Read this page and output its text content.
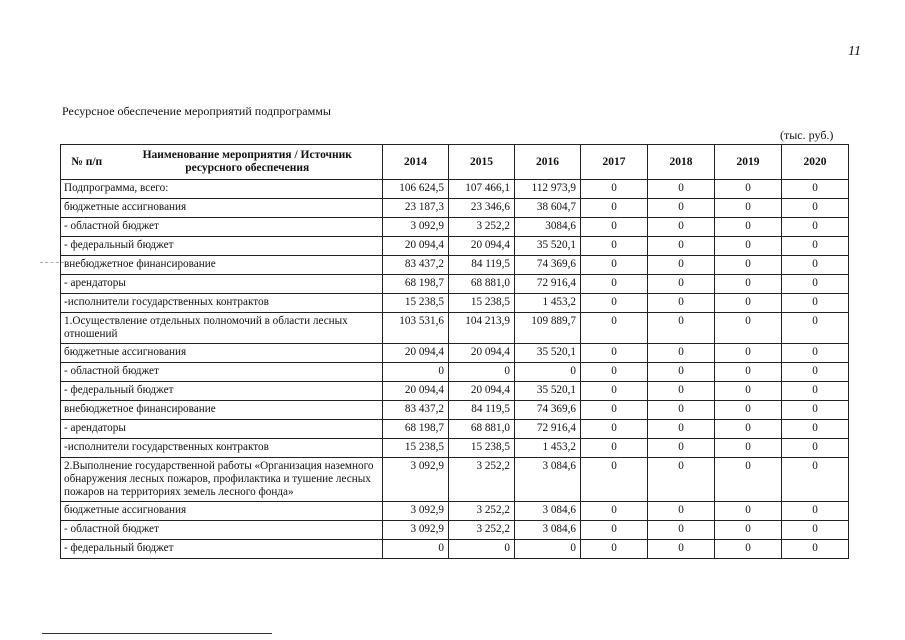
11
Ресурсное обеспечение мероприятий подпрограммы
(тыс. руб.)
№ п/п	Наименование мероприятия / Источник ресурсного обеспечения	2014	2015	2016	2017	2018	2019	2020
Подпрограмма, всего:		106 624,5	107 466,1	112 973,9	0	0	0	0
бюджетные ассигнования		23 187,3	23 346,6	38 604,7	0	0	0	0
- областной бюджет		3 092,9	3 252,2	3084,6	0	0	0	0
- федеральный бюджет		20 094,4	20 094,4	35 520,1	0	0	0	0
внебюджетное финансирование		83 437,2	84 119,5	74 369,6	0	0	0	0
- арендаторы		68 198,7	68 881,0	72 916,4	0	0	0	0
-исполнители государственных контрактов		15 238,5	15 238,5	1 453,2	0	0	0	0
1.Осуществление отдельных полномочий в области лесных отношений		103 531,6	104 213,9	109 889,7	0	0	0	0
бюджетные ассигнования		20 094,4	20 094,4	35 520,1	0	0	0	0
- областной бюджет		0	0	0	0	0	0	0
- федеральный бюджет		20 094,4	20 094,4	35 520,1	0	0	0	0
внебюджетное финансирование		83 437,2	84 119,5	74 369,6	0	0	0	0
- арендаторы		68 198,7	68 881,0	72 916,4	0	0	0	0
-исполнители государственных контрактов		15 238,5	15 238,5	1 453,2	0	0	0	0
2.Выполнение государственной работы «Организация наземного обнаружения лесных пожаров, профилактика и тушение лесных пожаров на территориях земель лесного фонда»		3 092,9	3 252,2	3 084,6	0	0	0	0
бюджетные ассигнования		3 092,9	3 252,2	3 084,6	0	0	0	0
- областной бюджет		3 092,9	3 252,2	3 084,6	0	0	0	0
- федеральный бюджет		0	0	0	0	0	0	0
